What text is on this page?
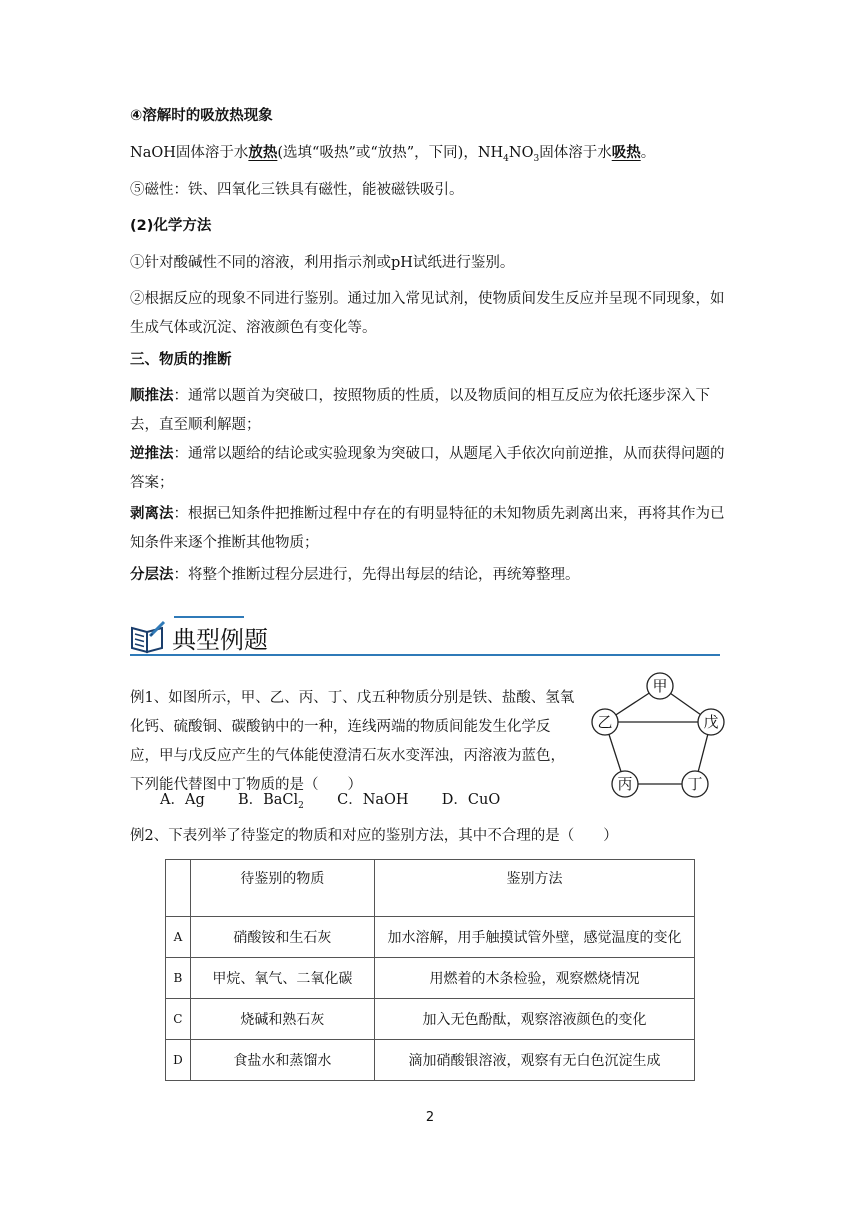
④溶解时的吸放热现象
NaOH固体溶于水放热(选填“吸热”或“放热”，下同)，$NH_4NO_3$固体溶于水吸热。
⑤磁性：铁、四氧化三铁具有磁性，能被磁铁吸引。
(2)化学方法
①针对酸碱性不同的溶液，利用指示剂或pH试纸进行鉴别。
②根据反应的现象不同进行鉴别。通过加入常见试剂，使物质间发生反应并呈现不同现象，如生成气体或沉淀、溶液颜色有变化等。
三、物质的推断
顺推法：通常以题首为突破口，按照物质的性质，以及物质间的相互反应为依托逐步深入下去，直至顺利解题；
逆推法：通常以题给的结论或实验现象为突破口，从题尾入手依次向前逆推，从而获得问题的答案；
剥离法：根据已知条件把推断过程中存在的有明显特征的未知物质先剥离出来，再将其作为已知条件来逐个推断其他物质；
分层法：将整个推断过程分层进行，先得出每层的结论，再统筹整理。
典型例题
例1、如图所示，甲、乙、丙、丁、戊五种物质分别是铁、盐酸、氢氧化钙、硫酸铜、碳酸钠中的一种，连线两端的物质间能发生化学反应，甲与戊反应产生的气体能使澄清石灰水变浑浊，丙溶液为蓝色，下列能代替图中丁物质的是（　　）
A．Ag B．BaCl$_2$ C．NaOH D．CuO
甲
乙	戊
丙	丁
例2、下表列举了待鉴定的物质和对应的鉴别方法，其中不合理的是（　　）
	待鉴别的物质	鉴别方法
A	硝酸铵和生石灰	加水溶解，用手触摸试管外壁，感觉温度的变化
B	甲烷、氧气、二氧化碳	用燃着的木条检验，观察燃烧情况
C	烧碱和熟石灰	加入无色酚酞，观察溶液颜色的变化
D	食盐水和蒸馏水	滴加硝酸银溶液，观察有无白色沉淀生成
2
